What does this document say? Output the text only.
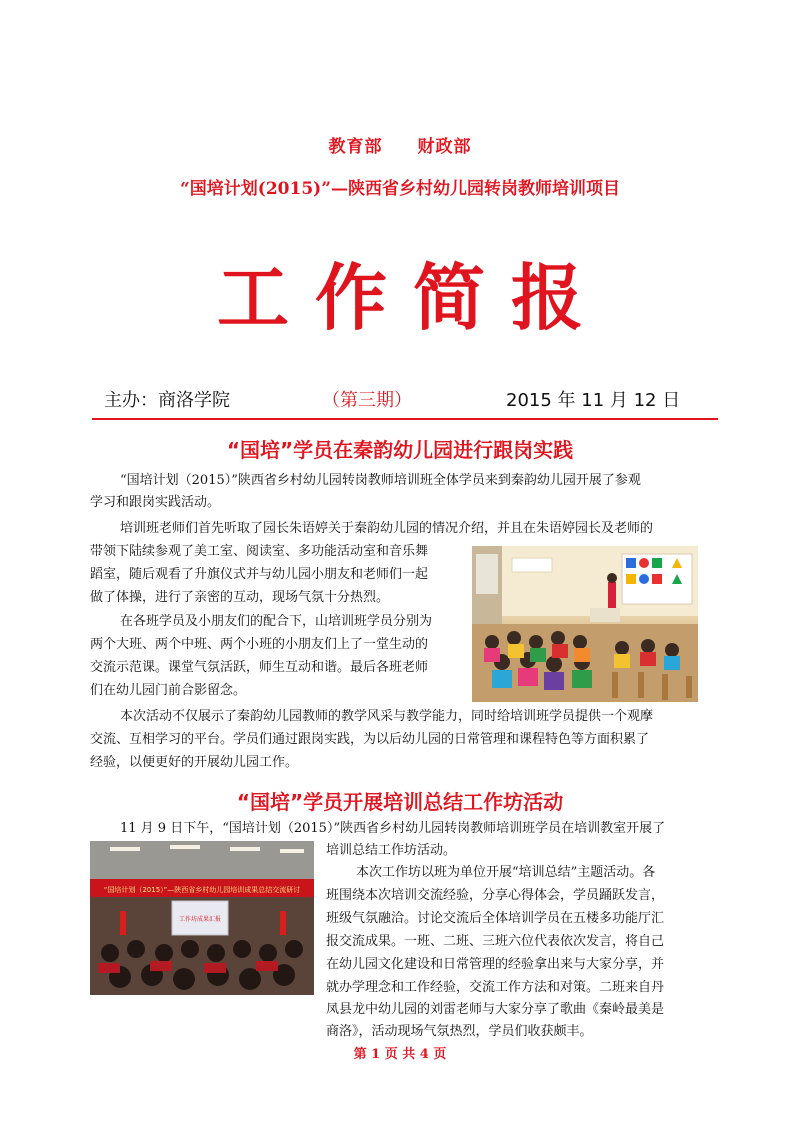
教育部 财政部
“国培计划(2015)”—陕西省乡村幼儿园转岗教师培训项目
工作简报
主办：商洛学院	（第三期）	2015 年 11 月 12 日
“国培”学员在秦韵幼儿园进行跟岗实践

“国培计划（2015）”陕西省乡村幼儿园转岗教师培训班全体学员来到秦韵幼儿园开展了参观

学习和跟岗实践活动。

培训班老师们首先听取了园长朱语婷关于秦韵幼儿园的情况介绍，并且在朱语婷园长及老师的

带领下陆续参观了美工室、阅读室、多功能活动室和音乐舞

蹈室，随后观看了升旗仪式并与幼儿园小朋友和老师们一起

做了体操，进行了亲密的互动，现场气氛十分热烈。

在各班学员及小朋友们的配合下，山培训班学员分别为

两个大班、两个中班、两个小班的小朋友们上了一堂生动的

交流示范课。课堂气氛活跃，师生互动和谐。最后各班老师

们在幼儿园门前合影留念。

本次活动不仅展示了秦韵幼儿园教师的教学风采与教学能力，同时给培训班学员提供一个观摩

交流、互相学习的平台。学员们通过跟岗实践，为以后幼儿园的日常管理和课程特色等方面积累了

经验，以便更好的开展幼儿园工作。

“国培”学员开展培训总结工作坊活动

11 月 9 日下午，“国培计划（2015）”陕西省乡村幼儿园转岗教师培训班学员在培训教室开展了

培训总结工作坊活动。

本次工作坊以班为单位开展“培训总结”主题活动。各

班围绕本次培训交流经验，分享心得体会，学员踊跃发言，

班级气氛融洽。讨论交流后全体培训学员在五楼多功能厅汇

报交流成果。一班、二班、三班六位代表依次发言，将自己

在幼儿园文化建设和日常管理的经验拿出来与大家分享，并

就办学理念和工作经验，交流工作方法和对策。二班来自丹

凤县龙中幼儿园的刘雷老师与大家分享了歌曲《秦岭最美是

“国培计划（2015）”—陕西省乡村幼儿园培训成果总结交流研讨
工作坊成果汇报
第 1 页 共 4 页

商洛》，活动现场气氛热烈，学员们收获颇丰。
